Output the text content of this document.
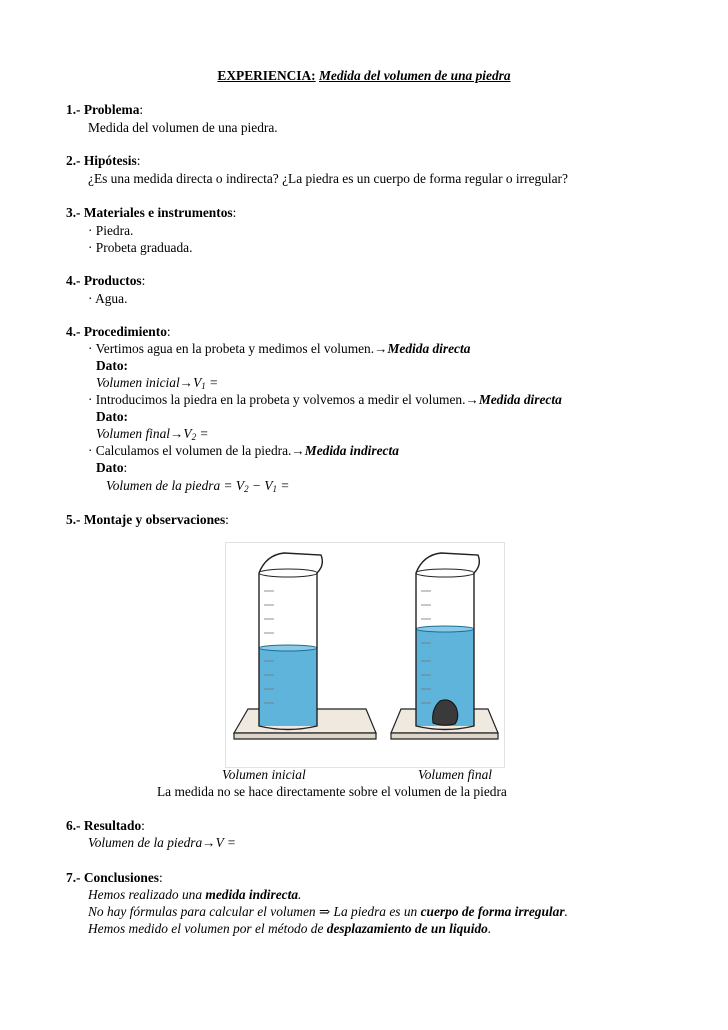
EXPERIENCIA: Medida del volumen de una piedra
1.- Problema:
Medida del volumen de una piedra.
2.- Hipótesis:
¿Es una medida directa o indirecta? ¿La piedra es un cuerpo de forma regular o irregular?
3.- Materiales e instrumentos:
· Piedra.
· Probeta graduada.
4.- Productos:
· Agua.
4.- Procedimiento:
· Vertimos agua en la probeta y medimos el volumen.→Medida directa
Dato:
Volumen $inicial\to V_1$ =
· Introducimos la piedra en la probeta y volvemos a medir el volumen.→Medida directa
Dato:
Volumen $final\to V_2$ =
· Calculamos el volumen de la piedra.→Medida indirecta
Dato:
Volumen de la piedra = $V_2 - V_1$ =
5.- Montaje y observaciones:
Volumen inicial	Volumen final
La medida no se hace directamente sobre el volumen de la piedra
6.- Resultado:
Volumen de la piedra→V =
7.- Conclusiones:
Hemos realizado una medida indirecta.
No hay fórmulas para calcular el volumen ⇒ La piedra es un cuerpo de forma irregular.
Hemos medido el volumen por el método de desplazamiento de un liquido.
